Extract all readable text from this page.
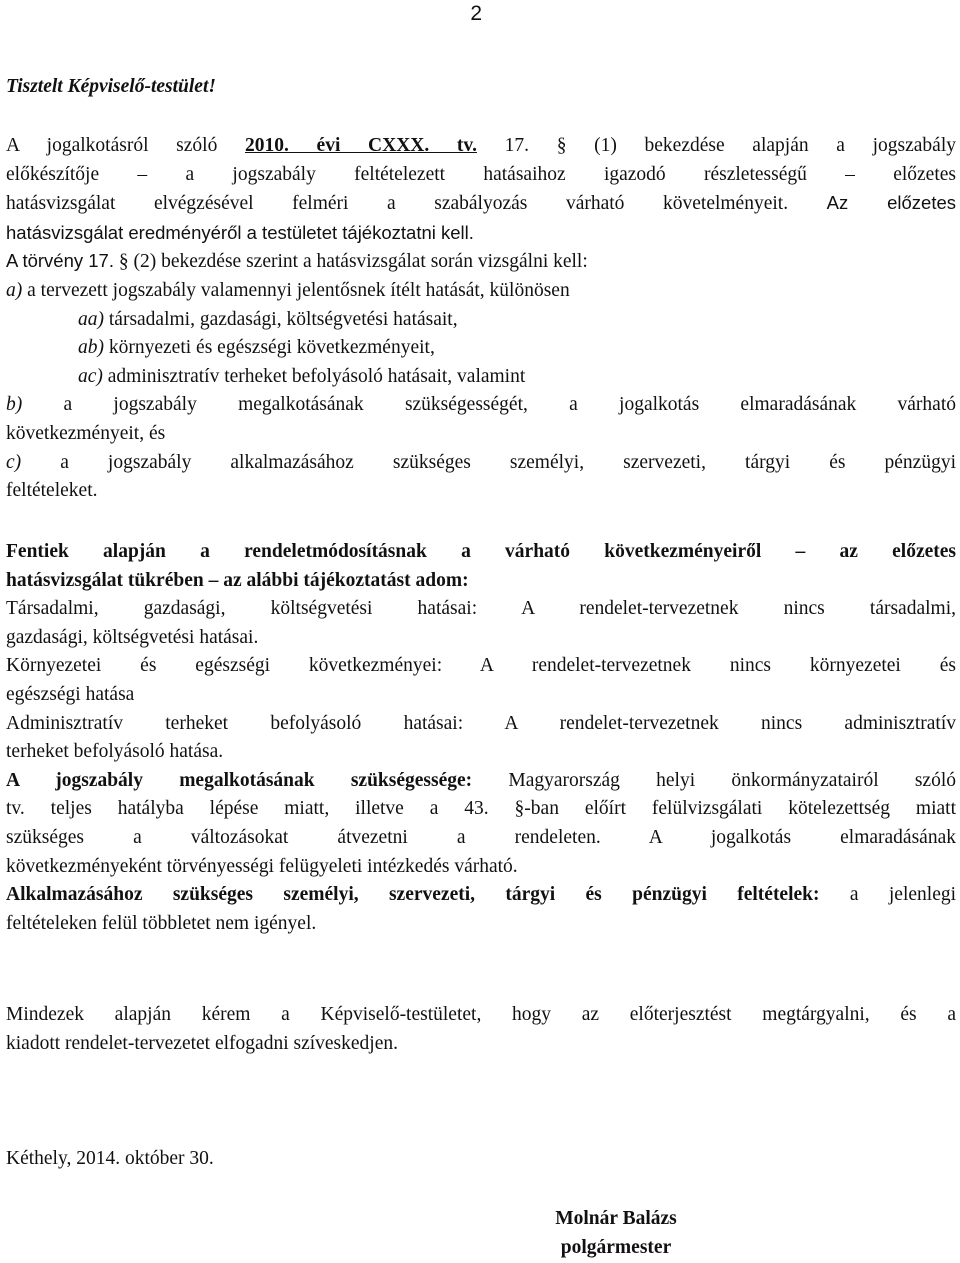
2

Tisztelt Képviselő-testület!

A jogalkotásról szóló 2010. évi CXXX. tv. 17. § (1) bekezdése alapján a jogszabály

előkészítője – a jogszabály feltételezett hatásaihoz igazodó részletességű – előzetes

hatásvizsgálat elvégzésével felméri a szabályozás várható követelményeit. Az előzetes

hatásvizsgálat eredményéről a testületet tájékoztatni kell.

A törvény 17. § (2) bekezdése szerint a hatásvizsgálat során vizsgálni kell:

a) a tervezett jogszabály valamennyi jelentősnek ítélt hatását, különösen

aa) társadalmi, gazdasági, költségvetési hatásait,

ab) környezeti és egészségi következményeit,

ac) adminisztratív terheket befolyásoló hatásait, valamint

b) a jogszabály megalkotásának szükségességét, a jogalkotás elmaradásának várható

következményeit, és

c) a jogszabály alkalmazásához szükséges személyi, szervezeti, tárgyi és pénzügyi

feltételeket.

Fentiek alapján a rendeletmódosításnak a várható következményeiről – az előzetes

hatásvizsgálat tükrében – az alábbi tájékoztatást adom:

Társadalmi, gazdasági, költségvetési hatásai: A rendelet-tervezetnek nincs társadalmi,

gazdasági, költségvetési hatásai.

Környezetei és egészségi következményei: A rendelet-tervezetnek nincs környezetei és

egészségi hatása

Adminisztratív terheket befolyásoló hatásai: A rendelet-tervezetnek nincs adminisztratív

terheket befolyásoló hatása.

A jogszabály megalkotásának szükségessége: Magyarország helyi önkormányzatairól szóló

tv. teljes hatályba lépése miatt, illetve a 43. §-ban előírt felülvizsgálati kötelezettség miatt

szükséges a változásokat átvezetni a rendeleten. A jogalkotás elmaradásának

következményeként törvényességi felügyeleti intézkedés várható.

Alkalmazásához szükséges személyi, szervezeti, tárgyi és pénzügyi feltételek: a jelenlegi

feltételeken felül többletet nem igényel.

Mindezek alapján kérem a Képviselő-testületet, hogy az előterjesztést megtárgyalni, és a

kiadott rendelet-tervezetet elfogadni szíveskedjen.

Kéthely, 2014. október 30.

Molnár Balázs
polgármester
